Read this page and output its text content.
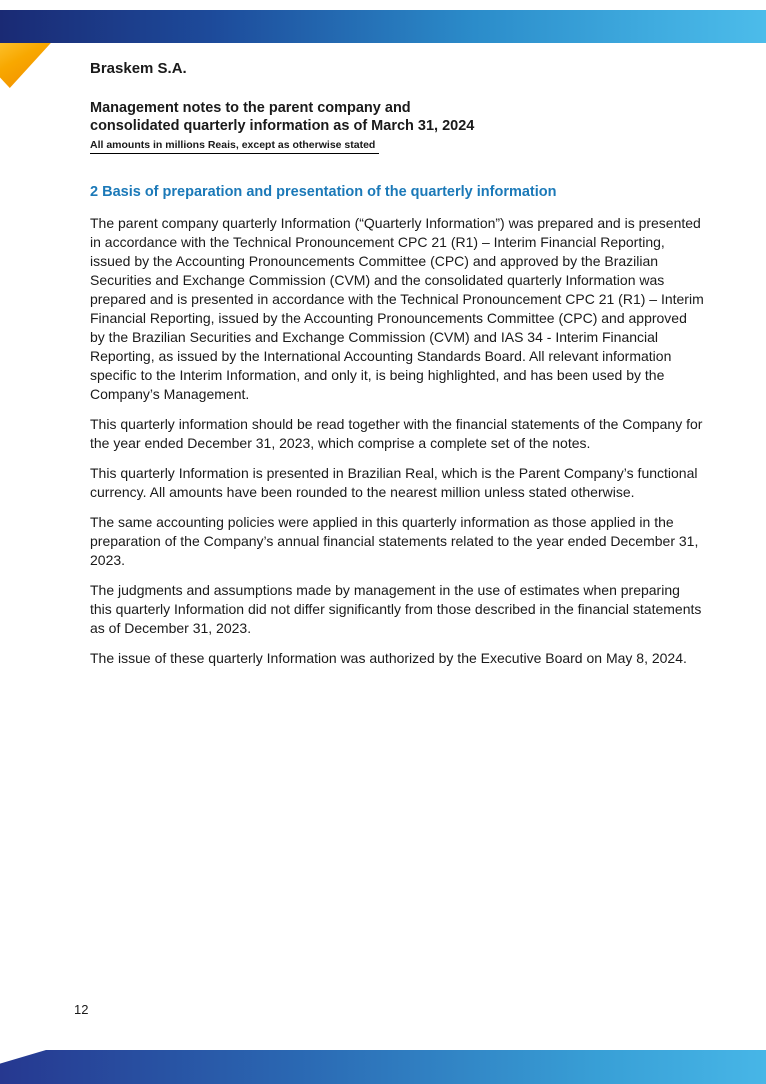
Braskem S.A.

Management notes to the parent company and

consolidated quarterly information as of March 31, 2024

All amounts in millions Reais, except as otherwise stated
2 Basis of preparation and presentation of the quarterly information

The parent company quarterly Information (“Quarterly Information”) was prepared and is presented in accordance with the Technical Pronouncement CPC 21 (R1) – Interim Financial Reporting, issued by the Accounting Pronouncements Committee (CPC) and approved by the Brazilian Securities and Exchange Commission (CVM) and the consolidated quarterly Information was prepared and is presented in accordance with the Technical Pronouncement CPC 21 (R1) – Interim Financial Reporting, issued by the Accounting Pronouncements Committee (CPC) and approved by the Brazilian Securities and Exchange Commission (CVM) and IAS 34 - Interim Financial Reporting, as issued by the International Accounting Standards Board. All relevant information specific to the Interim Information, and only it, is being highlighted, and has been used by the Company’s Management.

This quarterly information should be read together with the financial statements of the Company for the year ended December 31, 2023, which comprise a complete set of the notes.

This quarterly Information is presented in Brazilian Real, which is the Parent Company’s functional currency. All amounts have been rounded to the nearest million unless stated otherwise.

The same accounting policies were applied in this quarterly information as those applied in the preparation of the Company’s annual financial statements related to the year ended December 31, 2023.

The judgments and assumptions made by management in the use of estimates when preparing this quarterly Information did not differ significantly from those described in the financial statements as of December 31, 2023.

The issue of these quarterly Information was authorized by the Executive Board on May 8, 2024.

12
